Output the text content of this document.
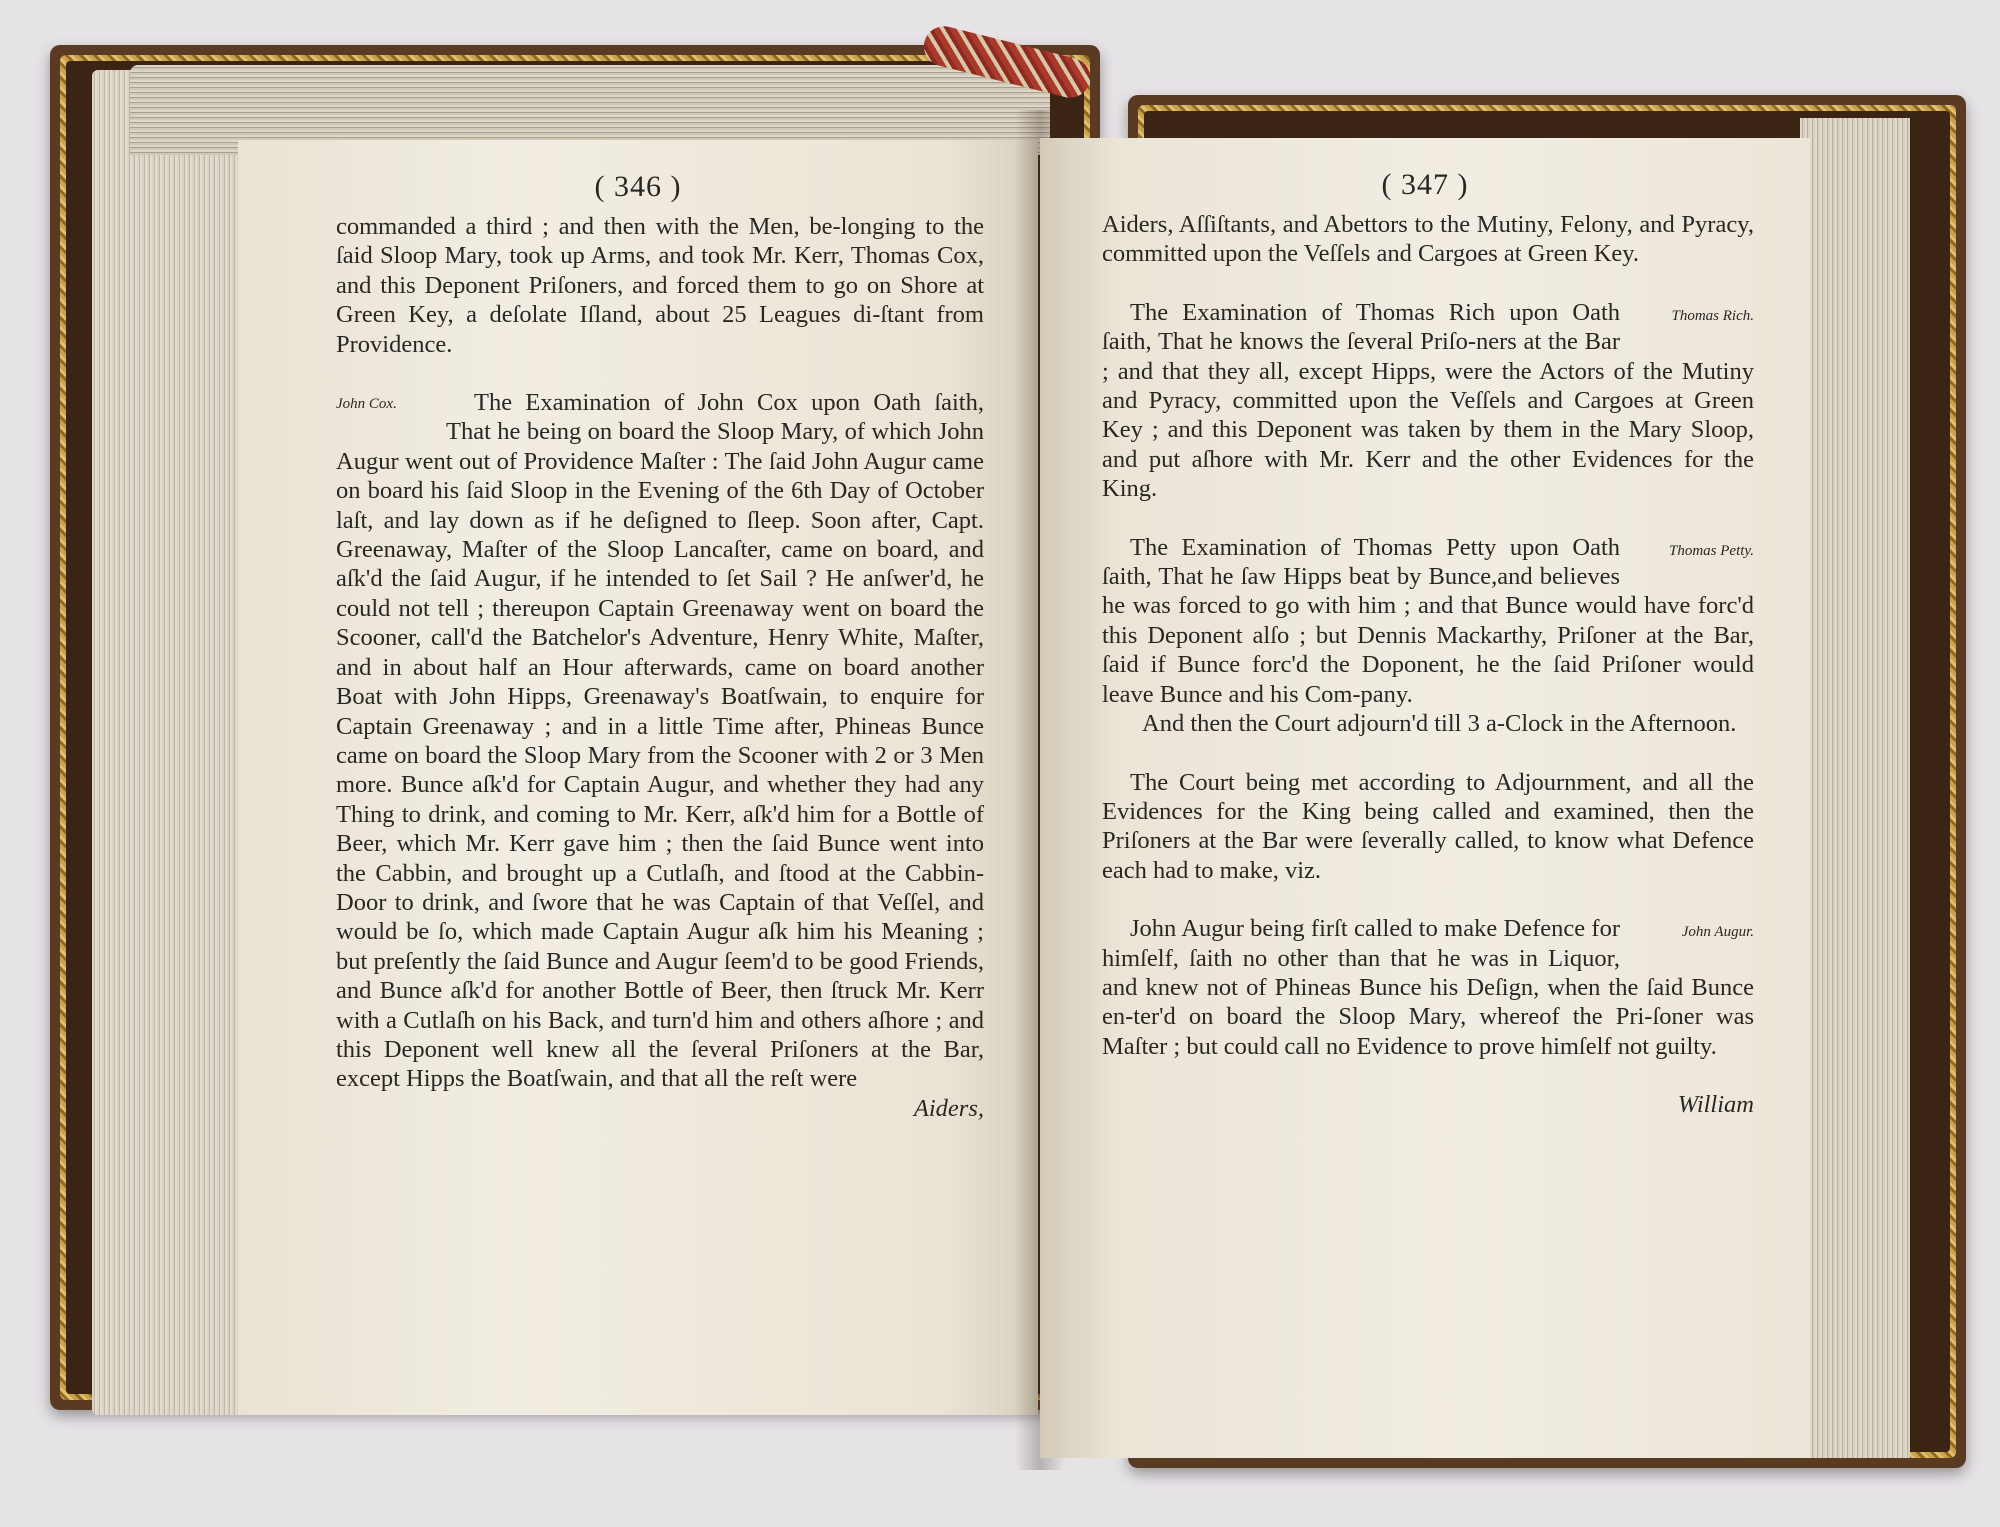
( 346 )

commanded a third ; and then with the Men, be-longing to the ſaid Sloop Mary, took up Arms, and took Mr. Kerr, Thomas Cox, and this Deponent Priſoners, and forced them to go on Shore at Green Key, a deſolate Iſland, about 25 Leagues di-ſtant from Providence.

John Cox.	The Examination of John Cox upon Oath ſaith, That he being on board the Sloop Mary, of which John Augur went out of Providence Maſter : The ſaid John Augur came on board his ſaid Sloop in the Evening of the 6th Day of October laſt, and lay down as if he deſigned to ſleep. Soon after, Capt. Greenaway, Maſter of the Sloop Lancaſter, came on board, and aſk'd the ſaid Augur, if he intended to ſet Sail ? He anſwer'd, he could not tell ; thereupon Captain Greenaway went on board the Scooner, call'd the Batchelor's Adventure, Henry White, Maſter, and in about half an Hour afterwards, came on board another Boat with John Hipps, Greenaway's Boatſwain, to enquire for Captain Greenaway ; and in a little Time after, Phineas Bunce came on board the Sloop Mary from the Scooner with 2 or 3 Men more. Bunce aſk'd for Captain Augur, and whether they had any Thing to drink, and coming to Mr. Kerr, aſk'd him for a Bottle of Beer, which Mr. Kerr gave him ; then the ſaid Bunce went into the Cabbin, and brought up a Cutlaſh, and ſtood at the Cabbin-Door to drink, and ſwore that he was Captain of that Veſſel, and would be ſo, which made Captain Augur aſk him his Meaning ; but preſently the ſaid Bunce and Augur ſeem'd to be good Friends, and Bunce aſk'd for another Bottle of Beer, then ſtruck Mr. Kerr with a Cutlaſh on his Back, and turn'd him and others aſhore ; and this Deponent well knew all the ſeveral Priſoners at the Bar, except Hipps the Boatſwain, and that all the reſt were

Aiders,

( 347 )

Aiders, Aſſiſtants, and Abettors to the Mutiny, Felony, and Pyracy, committed upon the Veſſels and Cargoes at Green Key.

Thomas Rich.

The Examination of Thomas Rich upon Oath ſaith, That he knows the ſeveral Priſo-ners at the Bar ; and that they all, except Hipps, were the Actors of the Mutiny and Pyracy, committed upon the Veſſels and Cargoes at Green Key ; and this Deponent was taken by them in the Mary Sloop, and put aſhore with Mr. Kerr and the other Evidences for the King.

Thomas Petty.

The Examination of Thomas Petty upon Oath ſaith, That he ſaw Hipps beat by Bunce,and believes he was forced to go with him ; and that Bunce would have forc'd this Deponent alſo ; but Dennis Mackarthy, Priſoner at the Bar, ſaid if Bunce forc'd the Doponent, he the ſaid Priſoner would leave Bunce and his Com-pany.

And then the Court adjourn'd till 3 a-Clock in the Afternoon.

The Court being met according to Adjournment, and all the Evidences for the King being called and examined, then the Priſoners at the Bar were ſeverally called, to know what Defence each had to make, viz.

John Augur.

John Augur being firſt called to make Defence for himſelf, ſaith no other than that he was in Liquor, and knew not of Phineas Bunce his Deſign, when the ſaid Bunce en-ter'd on board the Sloop Mary, whereof the Pri-ſoner was Maſter ; but could call no Evidence to prove himſelf not guilty.

William
